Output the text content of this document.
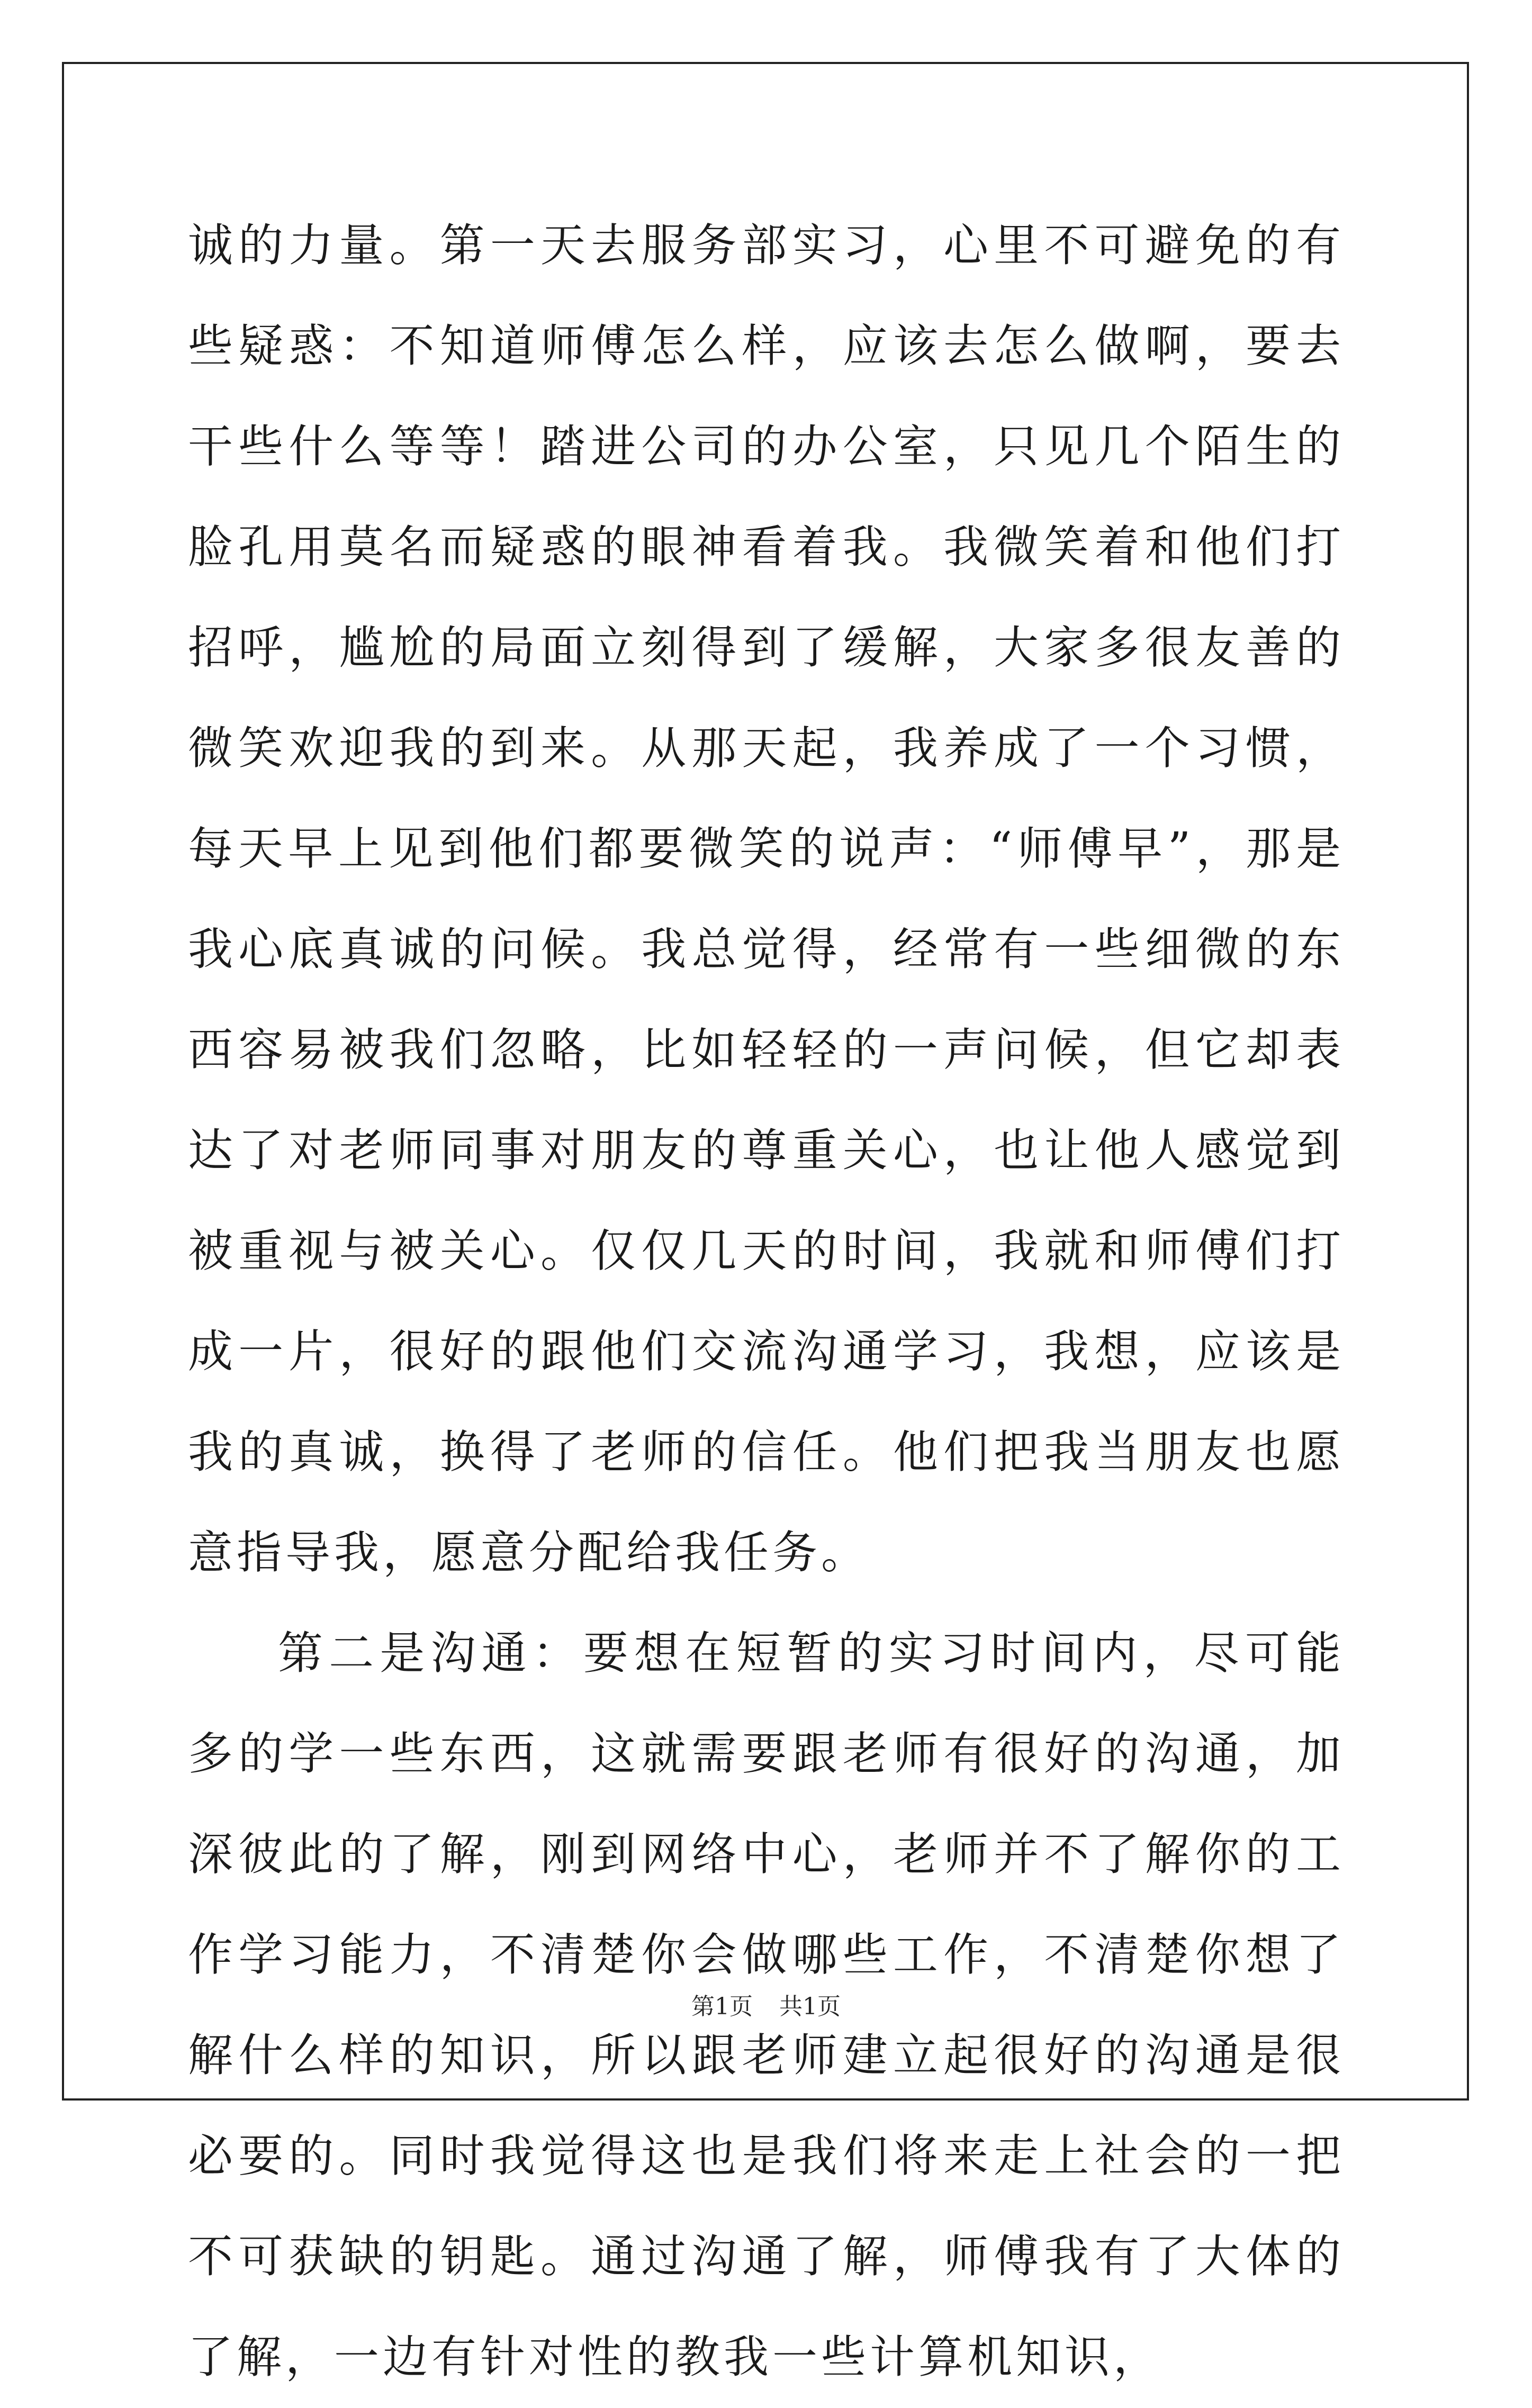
诚的力量。第一天去服务部实习，心里不可避免的有些疑惑：不知道师傅怎么样，应该去怎么做啊，要去干些什么等等！踏进公司的办公室，只见几个陌生的脸孔用莫名而疑惑的眼神看着我。我微笑着和他们打招呼，尴尬的局面立刻得到了缓解，大家多很友善的微笑欢迎我的到来。从那天起，我养成了一个习惯，每天早上见到他们都要微笑的说声：“师傅早”，那是我心底真诚的问候。我总觉得，经常有一些细微的东西容易被我们忽略，比如轻轻的一声问候，但它却表达了对老师同事对朋友的尊重关心，也让他人感觉到被重视与被关心。仅仅几天的时间，我就和师傅们打成一片，很好的跟他们交流沟通学习，我想，应该是我的真诚，换得了老师的信任。他们把我当朋友也愿意指导我，愿意分配给我任务。

第二是沟通：要想在短暂的实习时间内，尽可能多的学一些东西，这就需要跟老师有很好的沟通，加深彼此的了解，刚到网络中心，老师并不了解你的工作学习能力，不清楚你会做哪些工作，不清楚你想了解什么样的知识，所以跟老师建立起很好的沟通是很必要的。同时我觉得这也是我们将来走上社会的一把不可获缺的钥匙。通过沟通了解，师傅我有了大体的了解，一边有针对性的教我一些计算机知识，

第1页 共1页
